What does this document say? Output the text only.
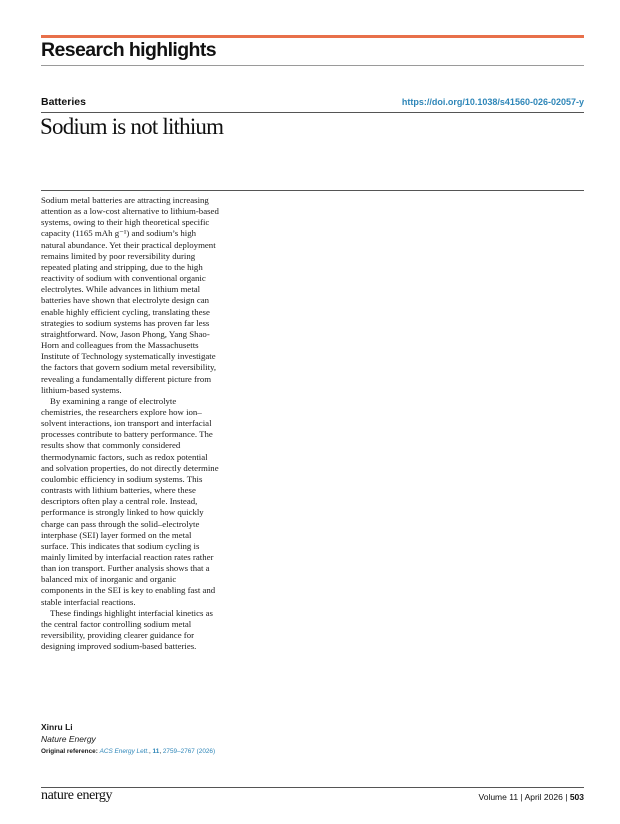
Research highlights
Batteries	https://doi.org/10.1038/s41560-026-02057-y
Sodium is not lithium

Sodium metal batteries are attracting increasing attention as a low-cost alternative to lithium-based systems, owing to their high theoretical specific capacity (1165 mAh g⁻¹) and sodium’s high natural abundance. Yet their practical deployment remains limited by poor reversibility during repeated plating and stripping, due to the high reactivity of sodium with conventional organic electrolytes. While advances in lithium metal batteries have shown that electrolyte design can enable highly efficient cycling, translating these strategies to sodium systems has proven far less straightforward. Now, Jason Phong, Yang Shao-Horn and colleagues from the Massachusetts Institute of Technology systematically investigate the factors that govern sodium metal reversibility, revealing a fundamentally different picture from lithium-based systems.

By examining a range of electrolyte chemistries, the researchers explore how ion–solvent interactions, ion transport and interfacial processes contribute to battery performance. The results show that commonly considered thermodynamic factors, such as redox potential and solvation properties, do not directly determine coulombic efficiency in sodium systems. This contrasts with lithium batteries, where these descriptors often play a central role. Instead, performance is strongly linked to how quickly charge can pass through the solid–electrolyte interphase (SEI) layer formed on the metal surface. This indicates that sodium cycling is mainly limited by interfacial reaction rates rather than ion transport. Further analysis shows that a balanced mix of inorganic and organic components in the SEI is key to enabling fast and stable interfacial reactions.

These findings highlight interfacial kinetics as the central factor controlling sodium metal reversibility, providing clearer guidance for designing improved sodium-based batteries.

Xinru Li
Nature Energy
Original reference: ACS Energy Lett., 11, 2759–2767 (2026)
nature energy	Volume 11 | April 2026 | 503
